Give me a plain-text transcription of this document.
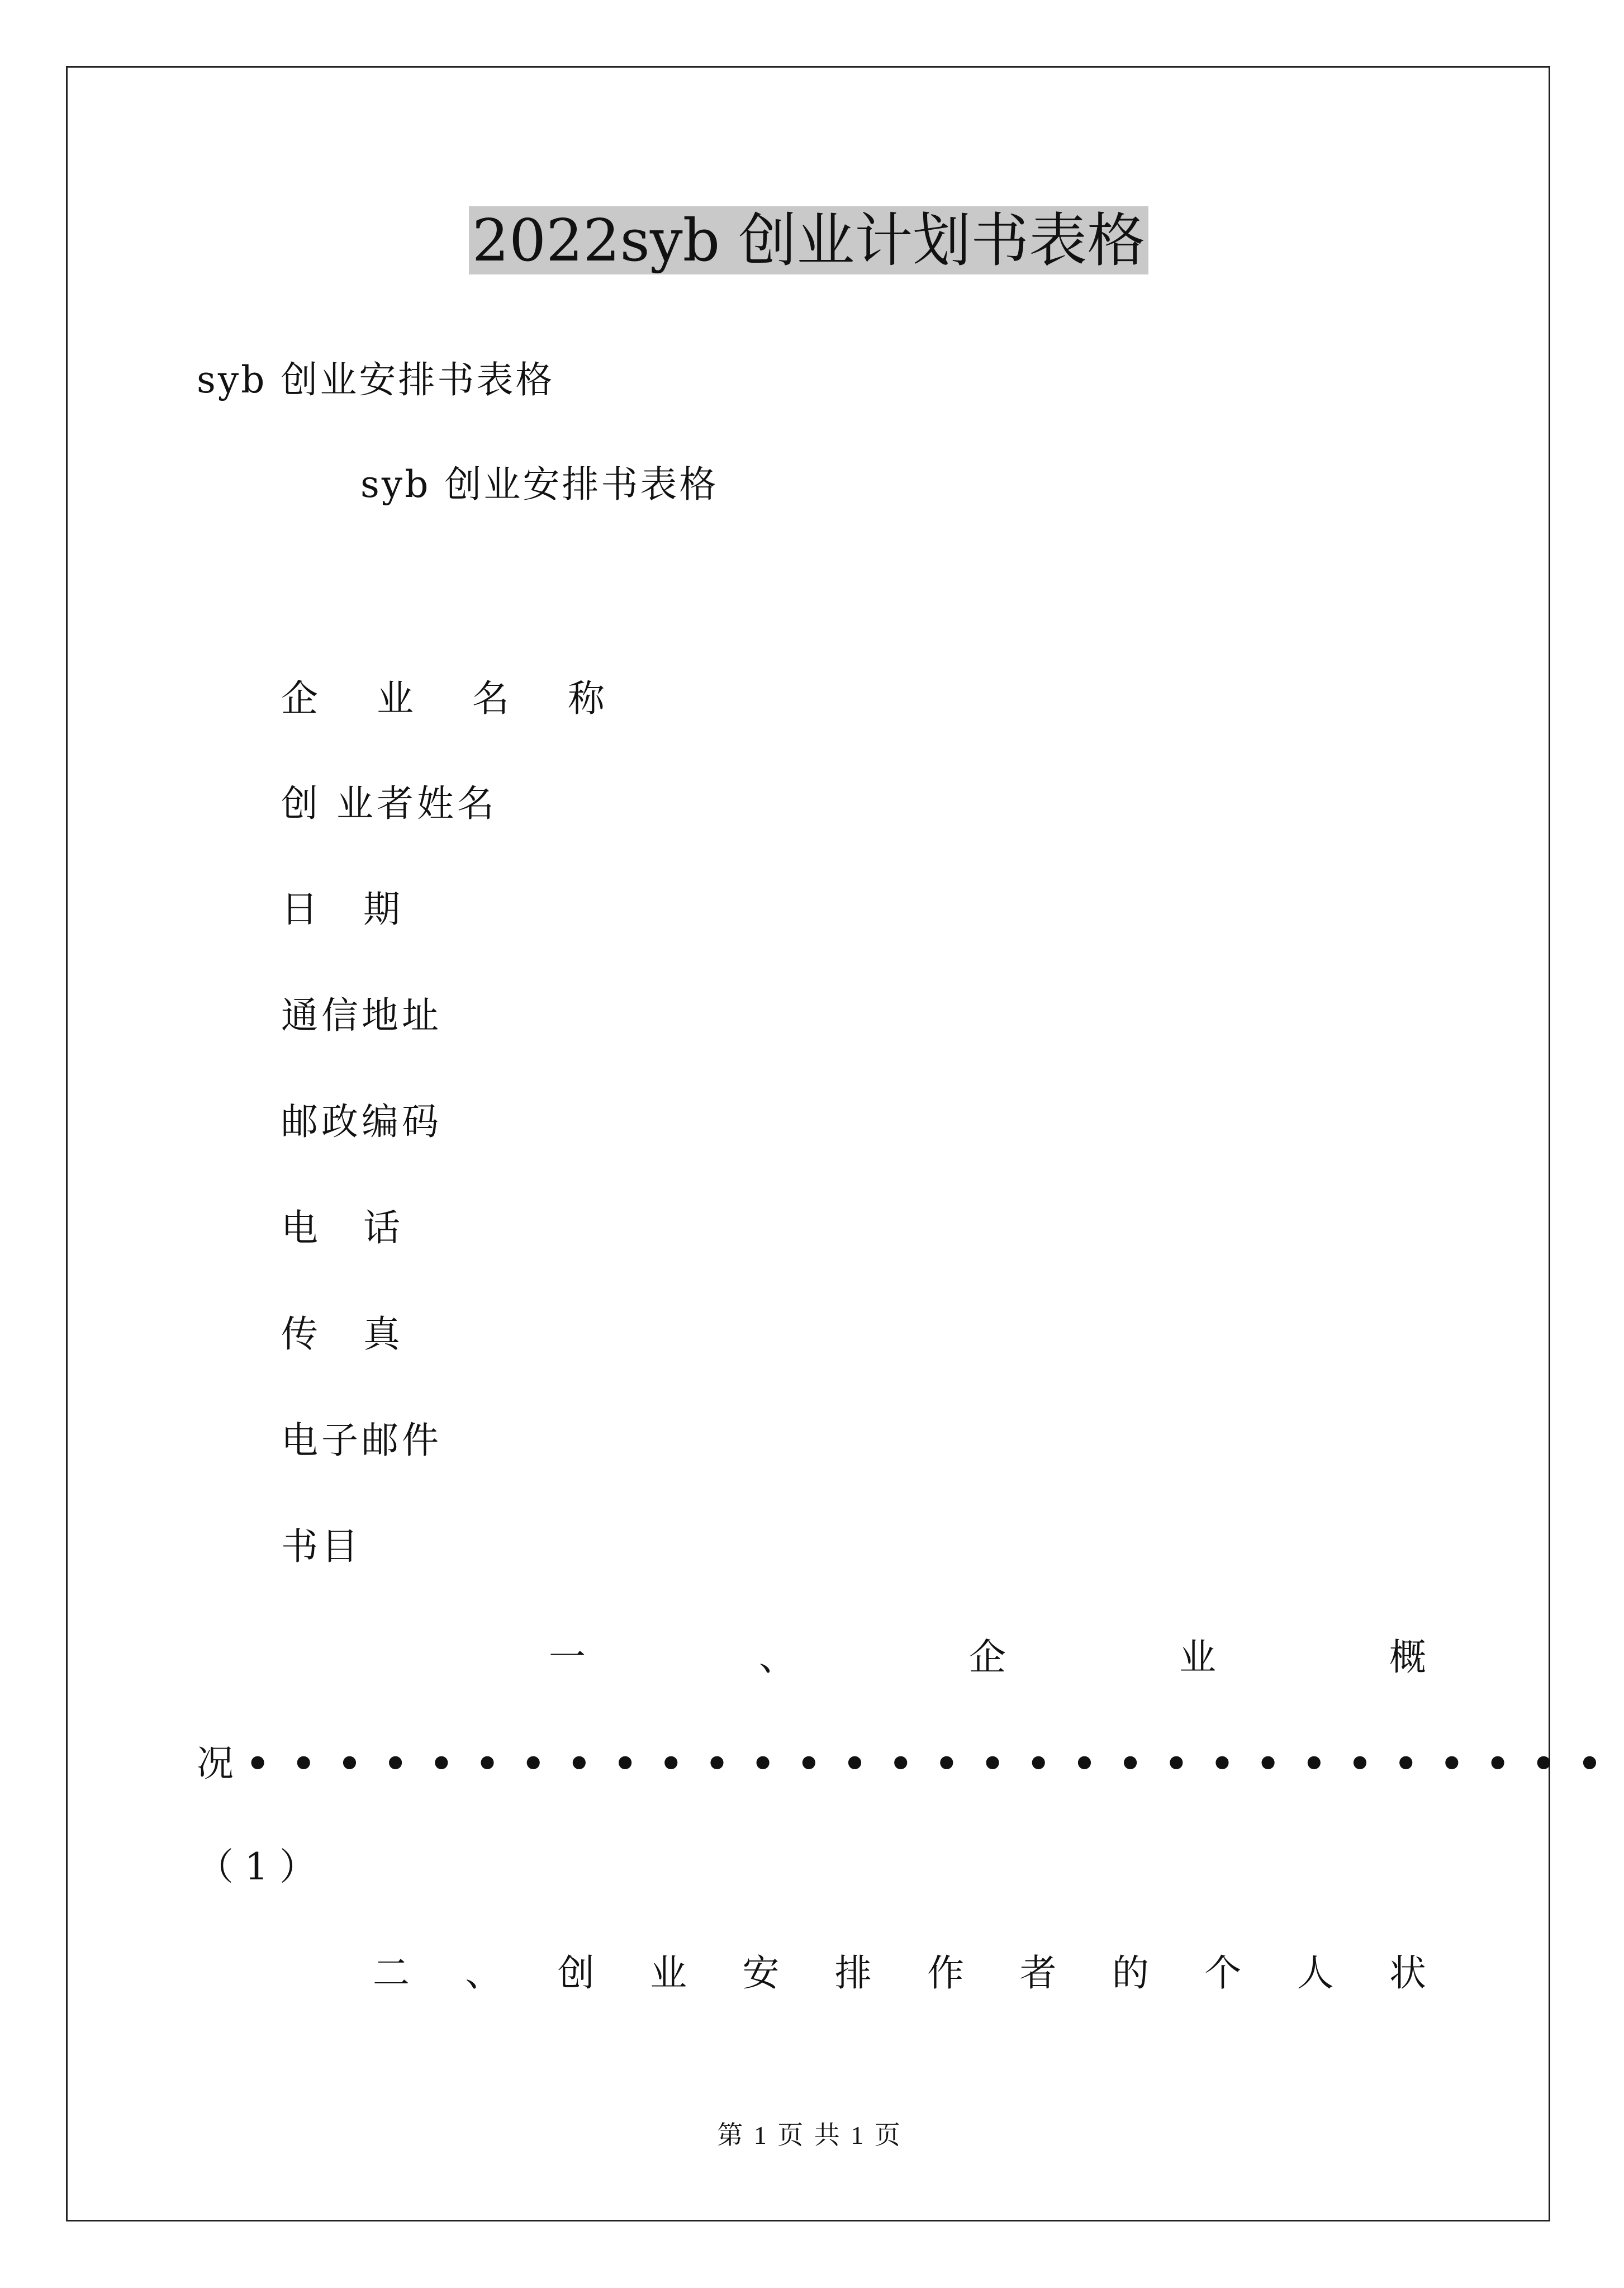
2022syb 创业计划书表格
syb 创业安排书表格
syb 创业安排书表格
企 业 名 称
创 业者姓名
日 期
通信地址
邮政编码
电 话
传 真
电子邮件
书目
一	、	企	业	概
况 ••••••••••••••••••••••••••••••
（1）
二 、 创 业 安 排 作 者 的 个 人 状
第 1 页 共 1 页
